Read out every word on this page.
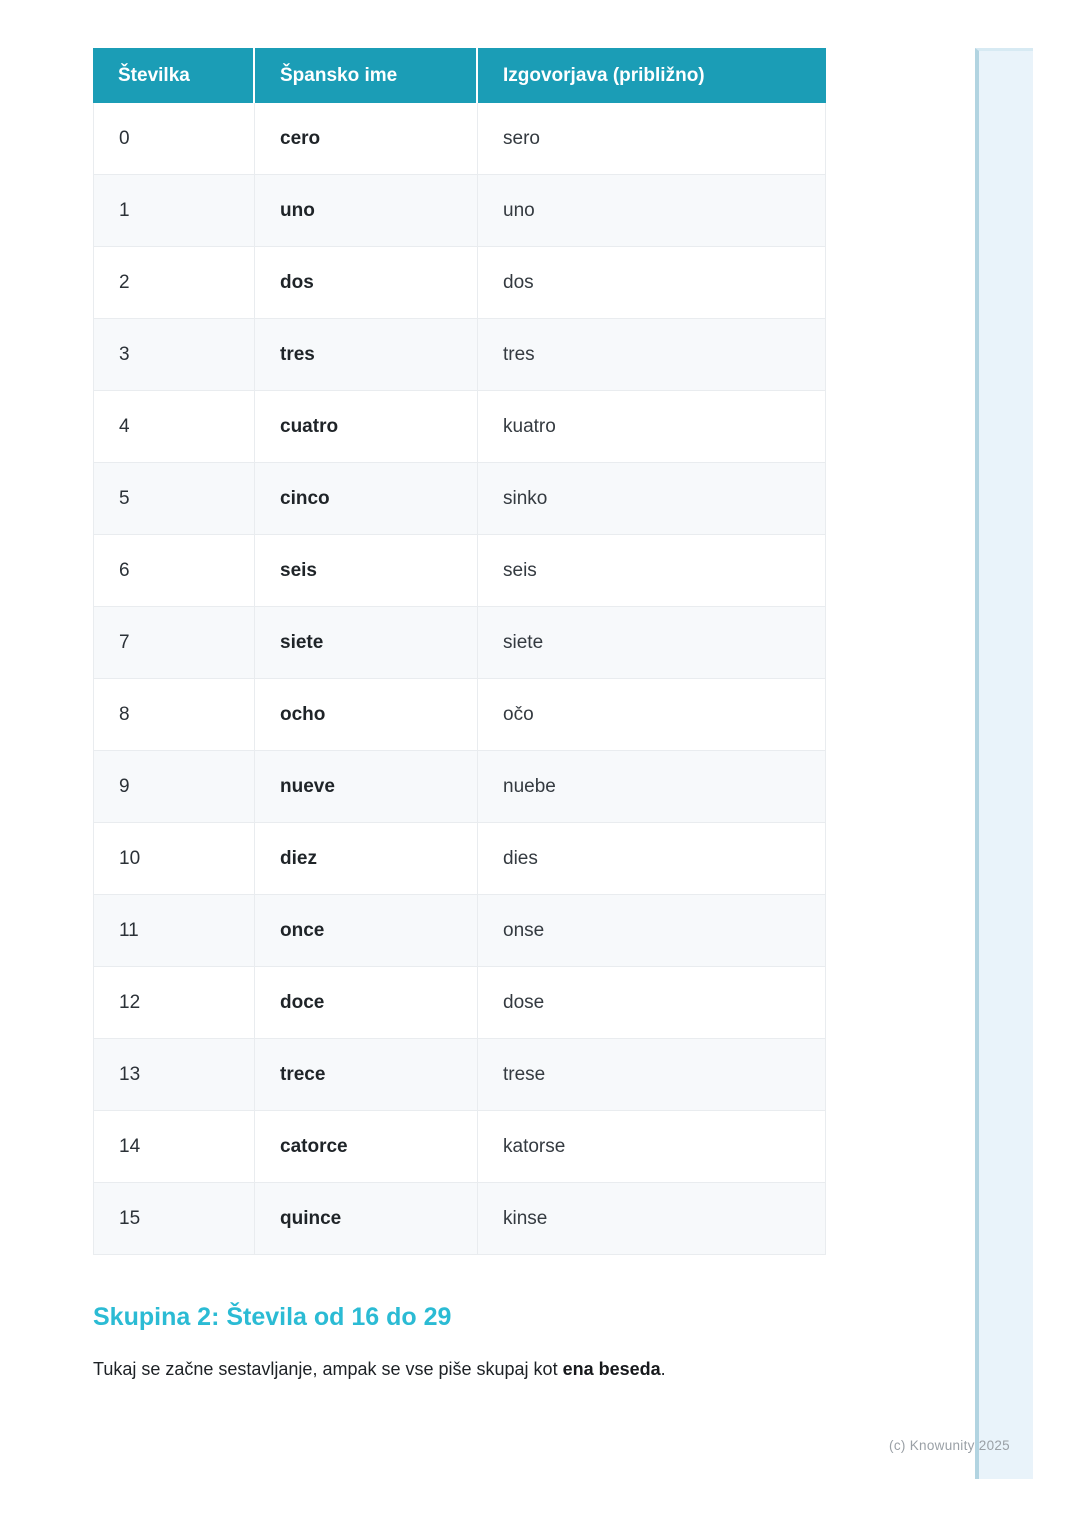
Številka	Špansko ime	Izgovorjava (približno)
0	cero	sero
1	uno	uno
2	dos	dos
3	tres	tres
4	cuatro	kuatro
5	cinco	sinko
6	seis	seis
7	siete	siete
8	ocho	očo
9	nueve	nuebe
10	diez	dies
11	once	onse
12	doce	dose
13	trece	trese
14	catorce	katorse
15	quince	kinse
Skupina 2: Števila od 16 do 29

Tukaj se začne sestavljanje, ampak se vse piše skupaj kot ena beseda.

(c) Knowunity 2025
